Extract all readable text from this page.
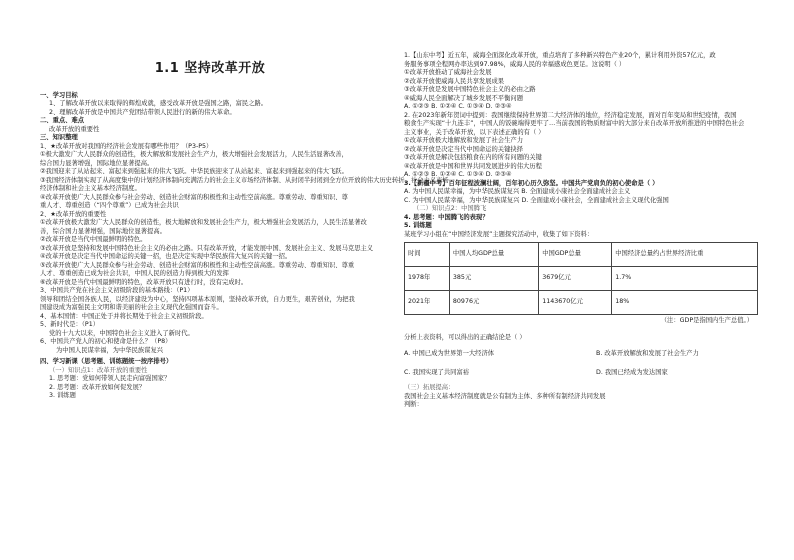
1.1 坚持改革开放

一、学习目标

1、了解改革开放以来取得的辉煌成就，感受改革开放是强国之路，富民之路。

2、理解改革开放是中国共产党团结带领人民进行的新的伟大革命。

二、重点、难点

改革开放的重要性

三、知识整理

1、★改革开放对我国的经济社会发展有哪些作用？（P3-P5）

①极大激发广大人民群众的创造性，极大解放和发展社会生产力，极大增强社会发展活力，人民生活显著改善，

综合国力显著增强，国际地位显著提高。

②我国迎来了从站起来、富起来到强起来的伟大飞跃。中华民族迎来了从站起来、富起来到强起来的伟大飞跃。

③我国经济体制实现了从高度集中的计划经济体制向充满活力的社会主义市场经济体制、从封闭半封闭到全方位开放的伟大历史转折，社会主义市场

经济体制和社会主义基本经济制度。

④改革开放使广大人民群众参与社会劳动、创造社会财富的积极性和主动性空前高涨。尊重劳动、尊重知识、尊

重人才、尊重创造（“四个尊重”）已成为社会共识

2、★改革开放的重要性

①改革开放极大激发广大人民群众的创造性，极大地解放和发展社会生产力，极大增强社会发展活力，人民生活显著改

善，综合国力显著增强，国际地位显著提高。

②改革开放是当代中国最鲜明的特色。

③改革开放是坚持和发展中国特色社会主义的必由之路。只有改革开放，才能发展中国、发展社会主义、发展马克思主义

④改革开放是决定当代中国命运的关键一招，也是决定实现中华民族伟大复兴的关键一招。

⑤改革开放使广大人民群众参与社会劳动、创造社会财富的积极性和主动性空前高涨。尊重劳动、尊重知识、尊重

人才、尊重创造已成为社会共识，中国人民的创造力得到极大的发挥

⑥改革开放是当代中国最鲜明的特色，改革开放只有进行时，没有完成时。

3、中国共产党在社会主义初级阶段的基本路线：（P1）

领导和团结全国各族人民，以经济建设为中心，坚持四项基本原则，坚持改革开放，自力更生，艰苦创业，为把我

国建设成为富强民主文明和谐美丽的社会主义现代化强国而奋斗。

4、基本国情：中国正处于并将长期处于社会主义初级阶段。

5、新时代是：（P1）

党的十九大以来，中国特色社会主义进入了新时代。

6、中国共产党人的初心和使命是什么？（P8）

为中国人民谋幸福，为中华民族谋复兴

四、学习新课（思考题、训练题统一按序排号）

（一）知识点1：改革开放的重要性

1. 思考题：党如何带领人民走向富强国家？

2. 思考题：改革开放如何促发展？

3. 训练题

1.【山东中考】近五年，威海全面深化改革开放，重点培育了多种新兴特色产业20个，累计利用外资57亿元，政

务服务事项全程网办率达到97.98%，威海人民的幸福感成色更足。这说明（ ）

①改革开放推动了威海社会发展

②改革开放使威海人民共享发展成果

③改革开放是发展中国特色社会主义的必由之路

④威海人民全面解决了城乡发展不平衡问题

A. ①②③ B. ①②④ C. ①③④ D. ②③④

2. 在2023年新年贺词中提到：我国继续保持世界第二大经济体的地位，经济稳定发展，面对百年变局和世纪疫情，我国

粮食生产实现“十九连丰”，中国人的饭碗端得更牢了…当前我国的物质财富中的大部分来自改革开放所推进的中国特色社会

主义事业，关于改革开放，以下表述正确的有（ ）

①改革开放极大地解放和发展了社会生产力

②改革开放是决定当代中国命运的关键抉择

③改革开放是解决包括粮食在内的所有问题的关键

④改革开放是中国和世界共同发展进步的伟大历程

A. ①②③ B. ①②④ C. ①③④ D. ②③④

3.【新疆中考】百年征程波澜壮阔，百年初心历久弥坚。中国共产党肩负的初心使命是（ ）

A. 为中国人民谋幸福，为中华民族谋复兴 B. 全面建成小康社会全面建成社会主义

C. 为中国人民谋幸福，为中华民族谋复兴 D. 全面建成小康社会，全面建成社会主义现代化强国

（二）知识点2：中国腾飞

4. 思考题：中国腾飞的表现？

5. 训练题

某班学习小组在“中国经济发展”主题探究活动中，收集了如下资料：

时间	中国人均GDP总量	中国GDP总量	中国经济总量约占世界经济比重
1978年	385元	3679亿元	1.7%
2021年	80976元	1143670亿元	18%

（注：GDP是指国内生产总值。）

分析上表资料，可以得出的正确结论是（ ）

A. 中国已成为世界第一大经济体	B. 改革开放解放和发展了社会生产力
C. 我国实现了共同富裕	D. 我国已经成为发达国家

（三）拓展提高：

我国社会主义基本经济制度就是公有制为主体、多种所有制经济共同发展

判断：
